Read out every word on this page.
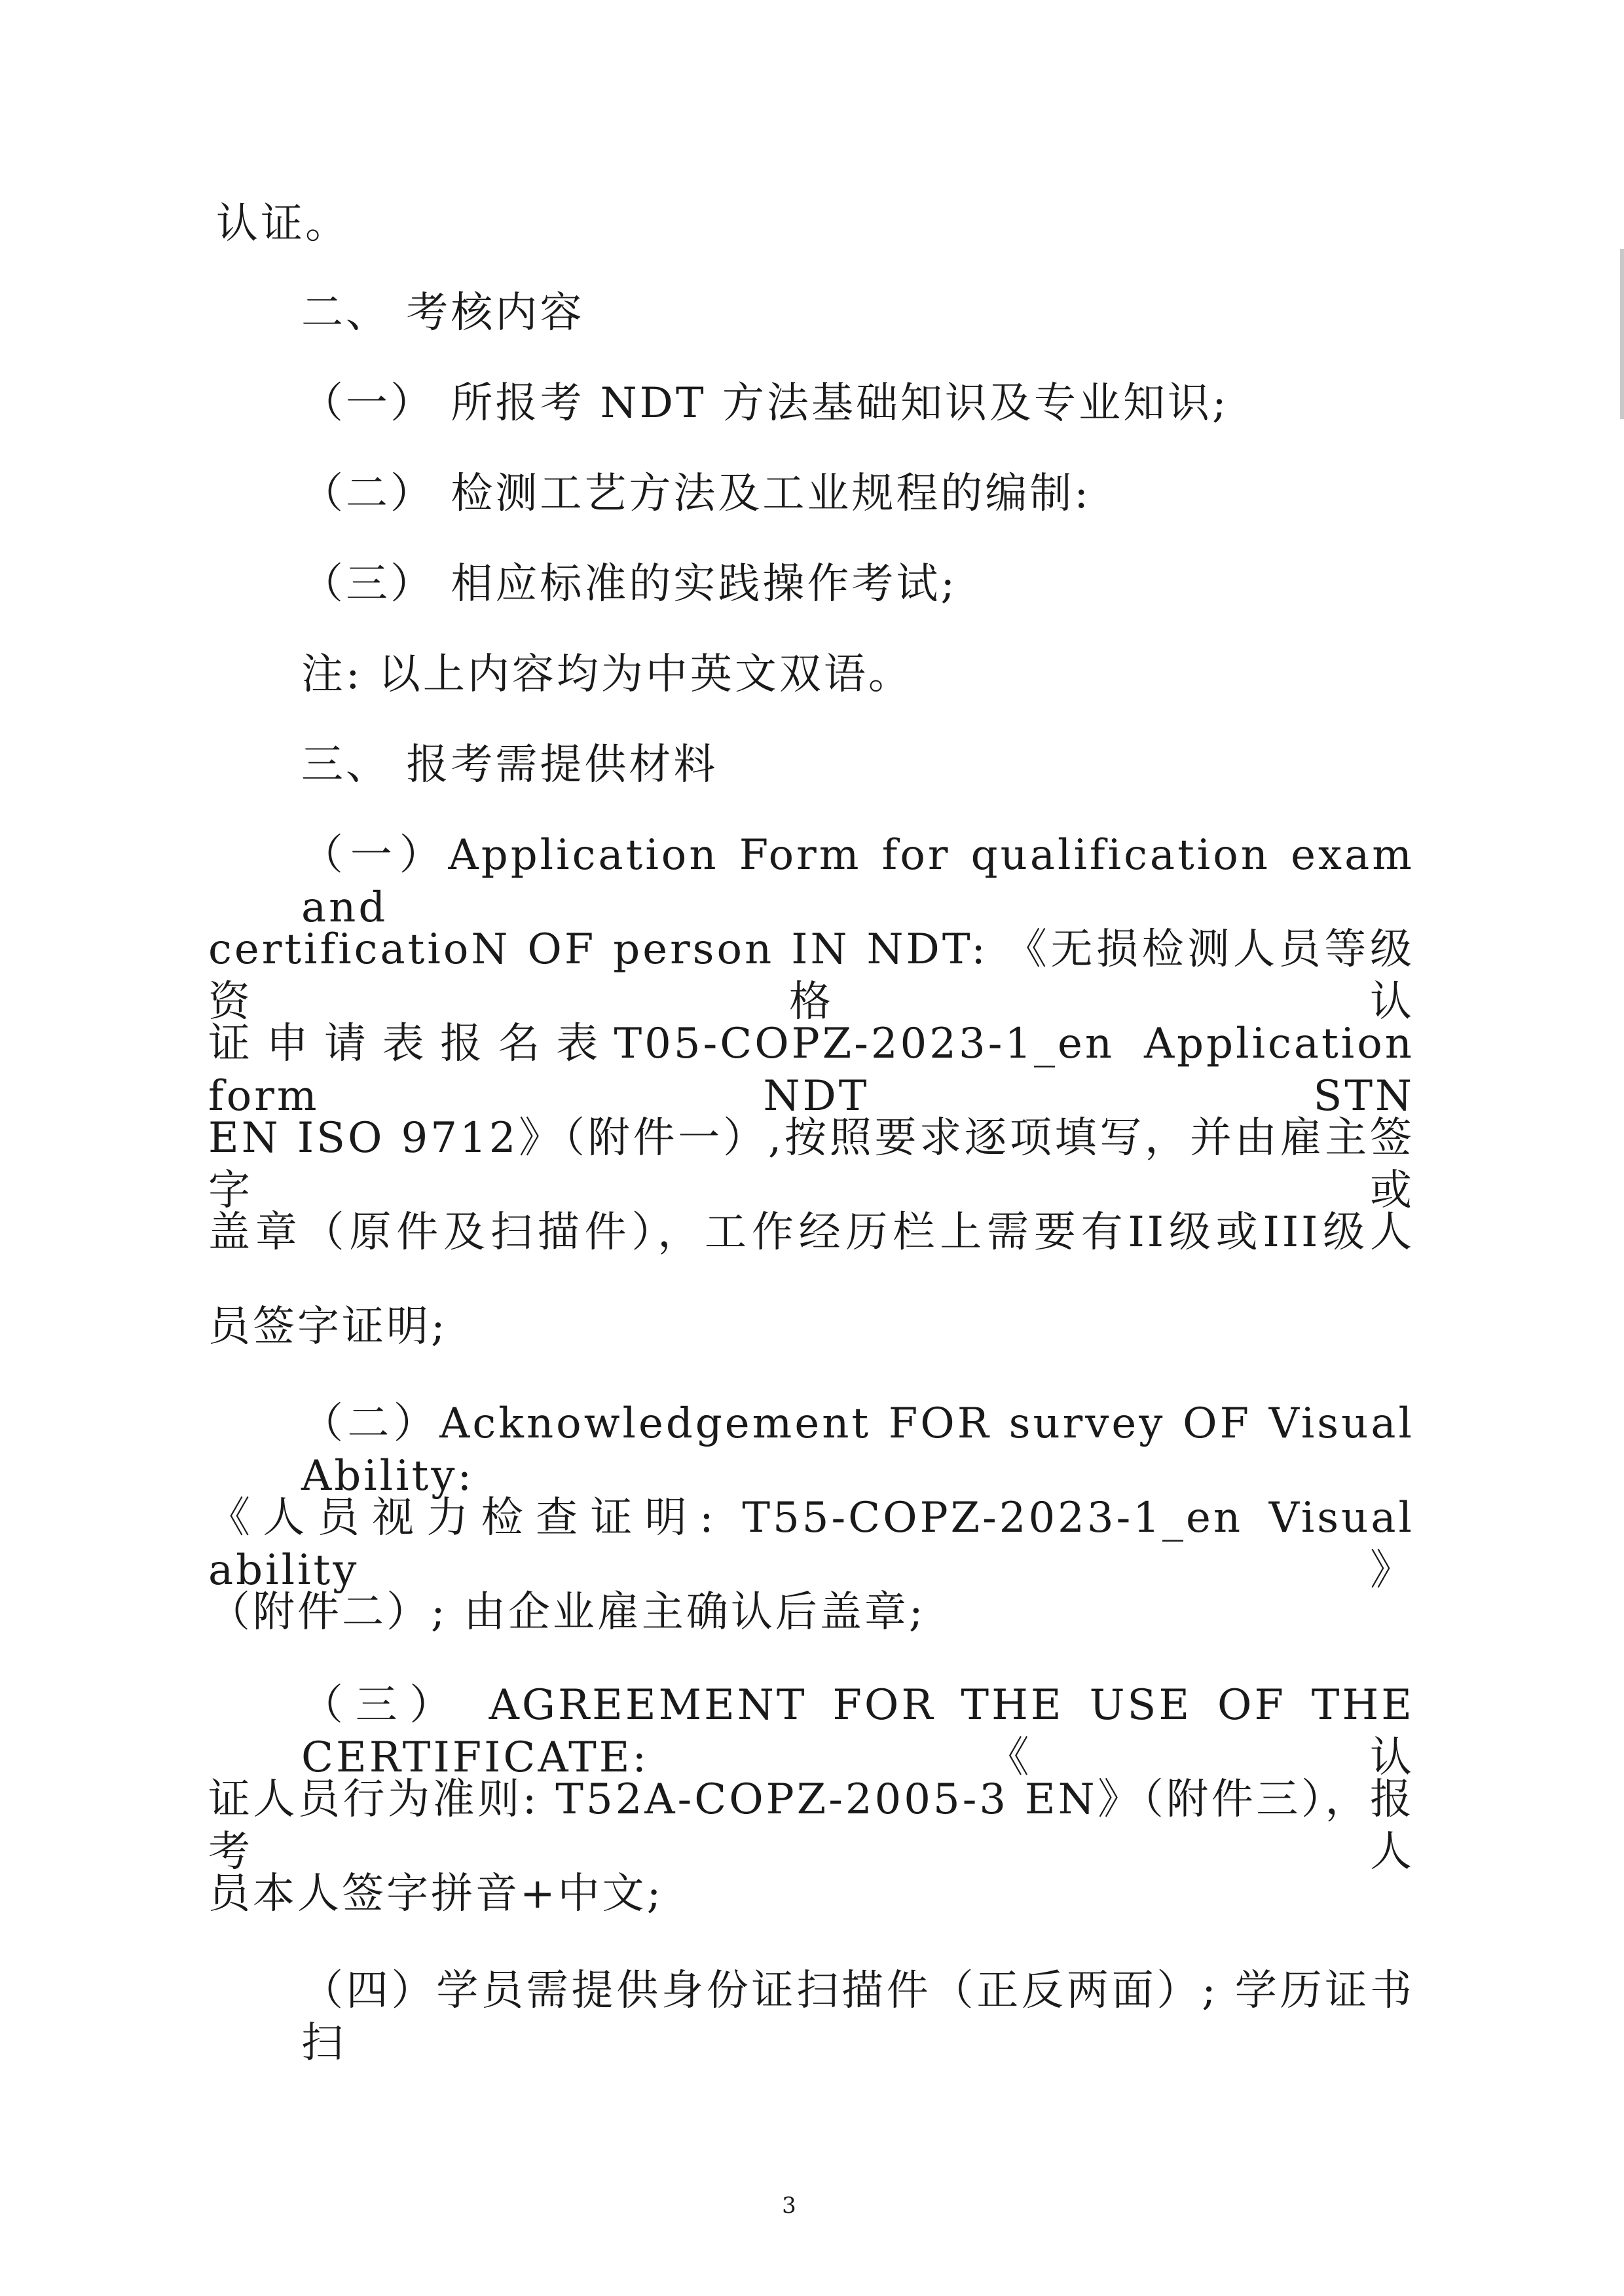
认证。
二、 考核内容
（一） 所报考 NDT 方法基础知识及专业知识;
（二） 检测工艺方法及工业规程的编制:
（三） 相应标准的实践操作考试;
注: 以上内容均为中英文双语。
三、 报考需提供材料
（一）Application Form for qualification exam and
certificatioN OF person IN NDT: 《无损检测人员等级资格认
证申请表报名表T05-COPZ-2023-1_en Application form NDT STN
EN ISO 9712》（附件一）,按照要求逐项填写，并由雇主签字或
盖章（原件及扫描件），工作经历栏上需要有II级或III级人
员签字证明;
（二）Acknowledgement FOR survey OF Visual Ability:
《人员视力检查证明: T55-COPZ-2023-1_en Visual ability》
（附件二）; 由企业雇主确认后盖章;
（三） AGREEMENT FOR THE USE OF THE CERTIFICATE:《认
证人员行为准则: T52A-COPZ-2005-3 EN》（附件三），报考人
员本人签字拼音+中文;
（四）学员需提供身份证扫描件（正反两面）; 学历证书扫
3
